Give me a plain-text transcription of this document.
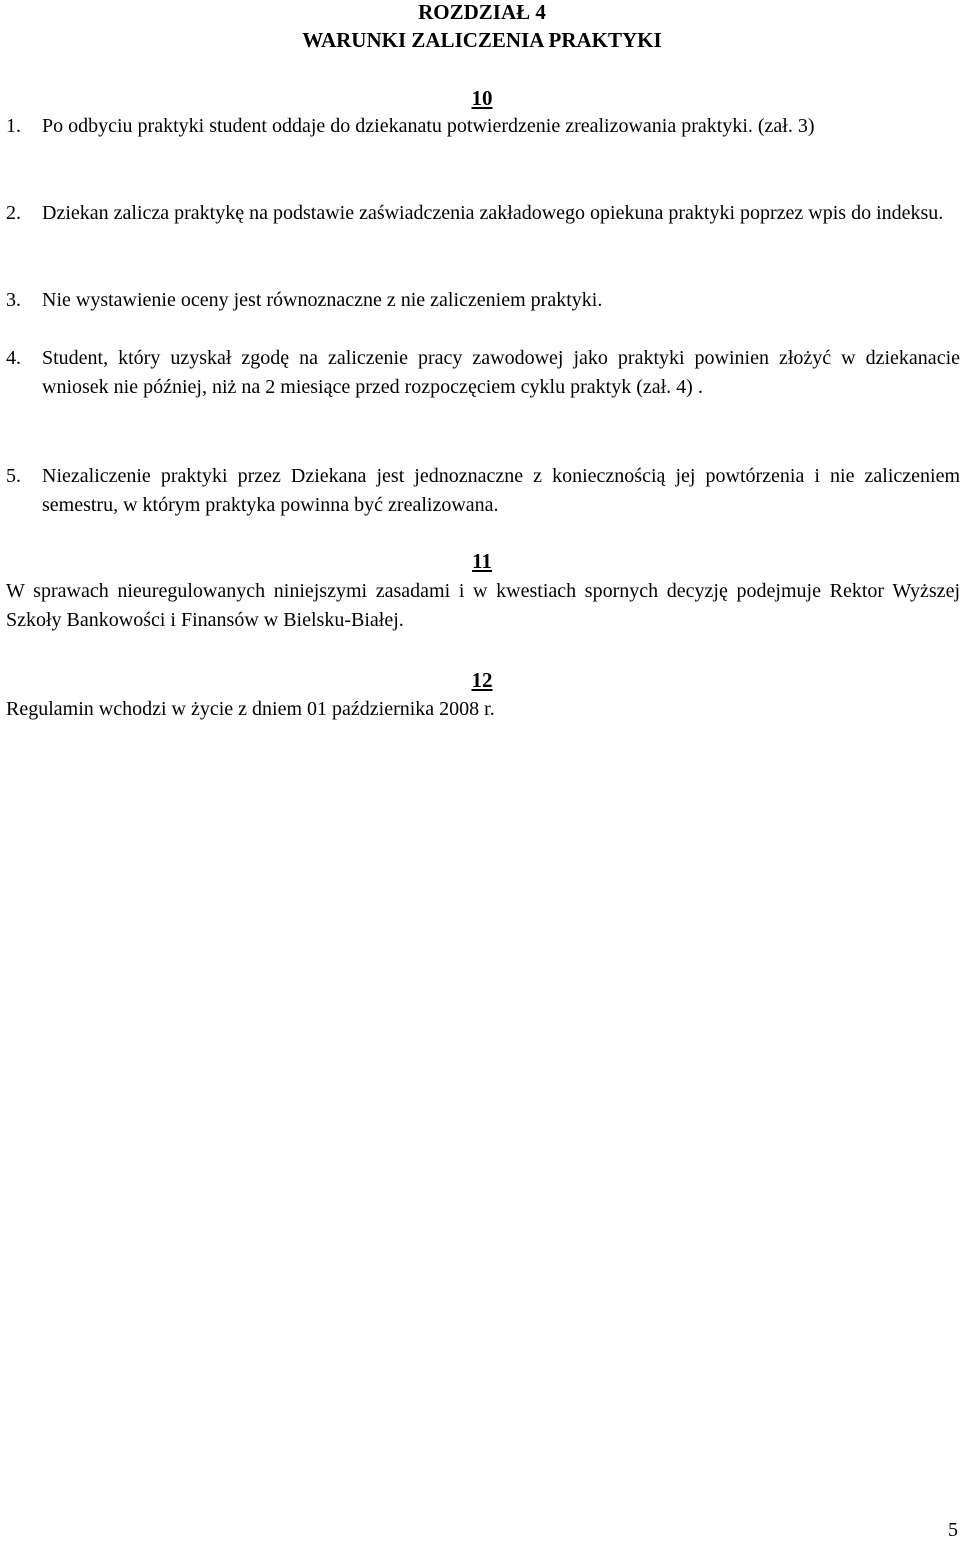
ROZDZIAŁ 4
WARUNKI ZALICZENIA PRAKTYKI
10
1.	Po odbyciu praktyki student oddaje do dziekanatu potwierdzenie zrealizowania praktyki. (zał. 3)
2.	Dziekan zalicza praktykę na podstawie zaświadczenia zakładowego opiekuna praktyki poprzez wpis do indeksu.
3.	Nie wystawienie oceny jest równoznaczne z nie zaliczeniem praktyki.
4.	Student, który uzyskał zgodę na zaliczenie pracy zawodowej jako praktyki powinien złożyć w dziekanacie wniosek nie później, niż na 2 miesiące przed rozpoczęciem cyklu praktyk (zał. 4) .
5.	Niezaliczenie praktyki przez Dziekana jest jednoznaczne z koniecznością jej powtórzenia i nie zaliczeniem semestru, w którym praktyka powinna być zrealizowana.
11
W sprawach nieuregulowanych niniejszymi zasadami i w kwestiach spornych decyzję podejmuje Rektor Wyższej Szkoły Bankowości i Finansów w Bielsku-Białej.
12
Regulamin wchodzi w życie z dniem 01 października 2008 r.
5
